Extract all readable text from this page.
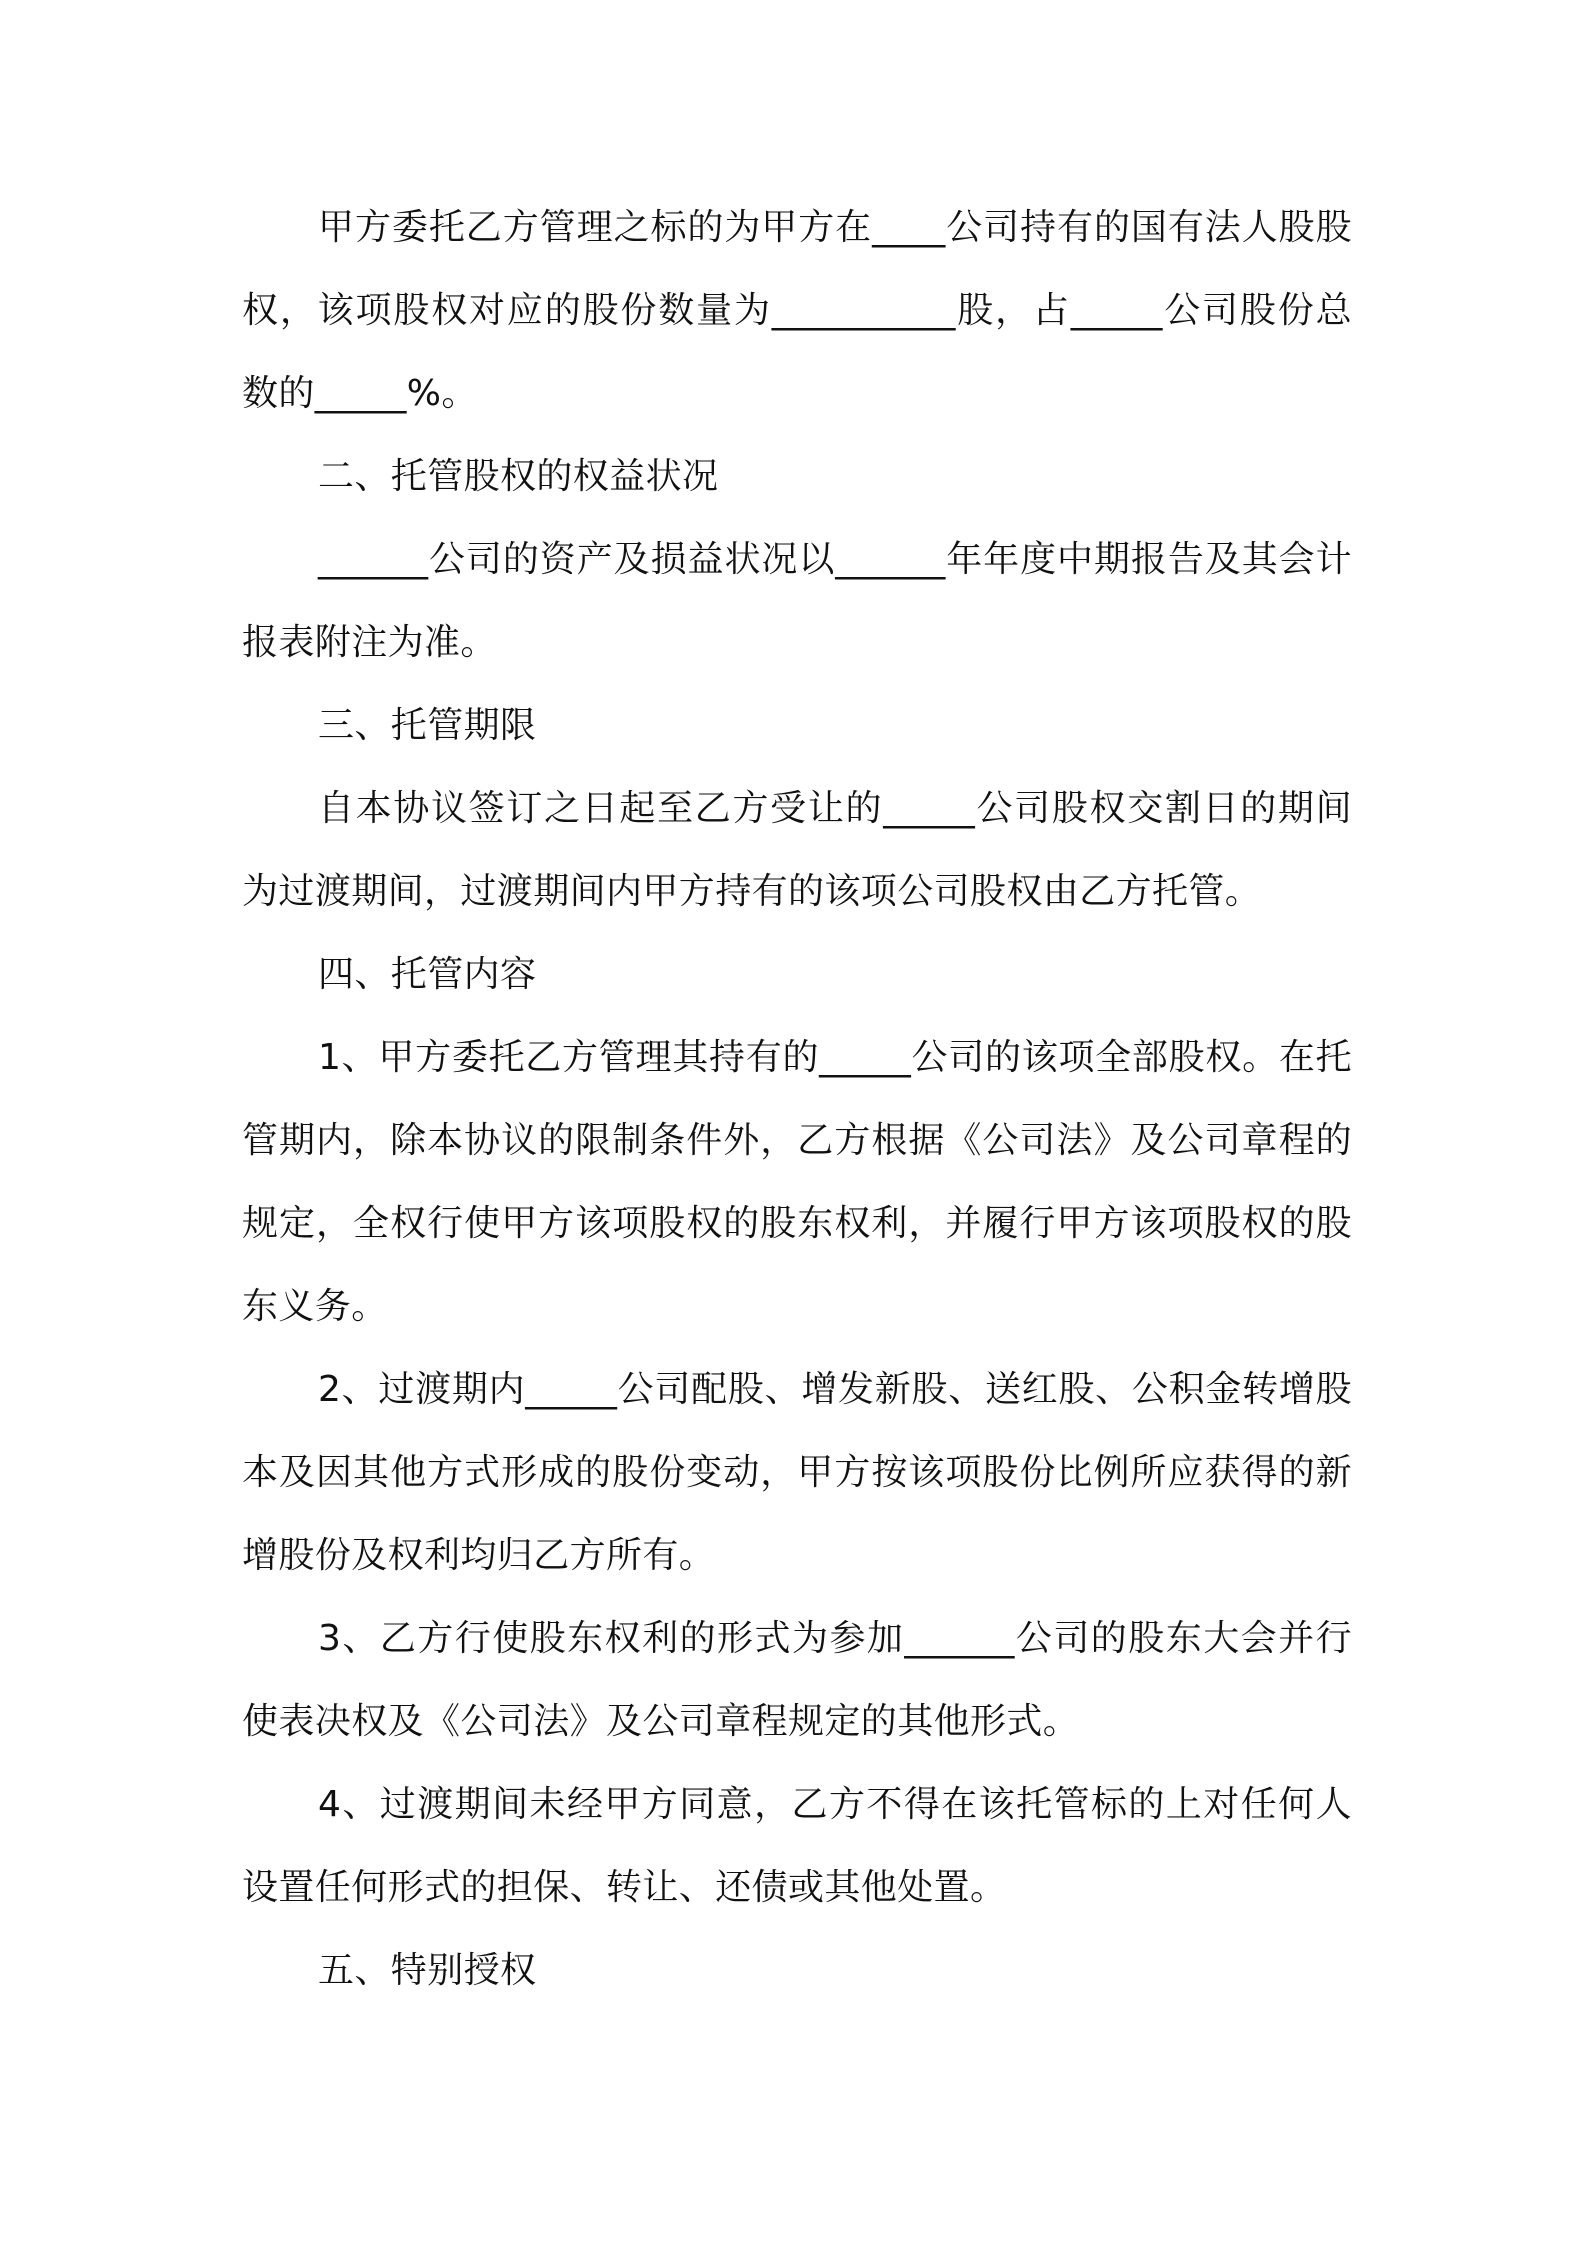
甲方委托乙方管理之标的为甲方在____公司持有的国有法人股股权，该项股权对应的股份数量为__________股，占_____公司股份总数的_____%。

二、托管股权的权益状况

______公司的资产及损益状况以______年年度中期报告及其会计报表附注为准。

三、托管期限

自本协议签订之日起至乙方受让的_____公司股权交割日的期间为过渡期间，过渡期间内甲方持有的该项公司股权由乙方托管。

四、托管内容

1、甲方委托乙方管理其持有的_____公司的该项全部股权。在托管期内，除本协议的限制条件外，乙方根据《公司法》及公司章程的规定，全权行使甲方该项股权的股东权利，并履行甲方该项股权的股东义务。

2、过渡期内_____公司配股、增发新股、送红股、公积金转增股本及因其他方式形成的股份变动，甲方按该项股份比例所应获得的新增股份及权利均归乙方所有。

3、乙方行使股东权利的形式为参加______公司的股东大会并行使表决权及《公司法》及公司章程规定的其他形式。

4、过渡期间未经甲方同意，乙方不得在该托管标的上对任何人设置任何形式的担保、转让、还债或其他处置。

五、特别授权
